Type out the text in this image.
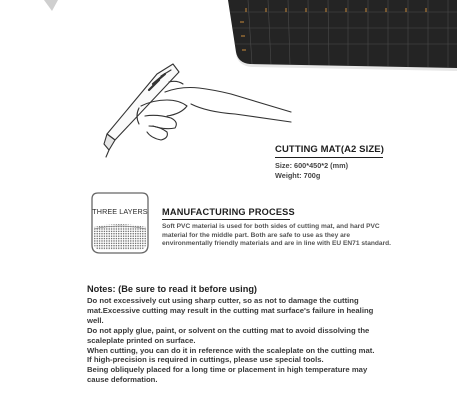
CUTTING MAT(A2 SIZE)
Size: 600*450*2 (mm)
Weight: 700g
THREE LAYERS	MANUFACTURING PROCESS
Soft PVC material is used for both sides of cutting mat, and hard PVC material for the middle part. Both are safe to use as they are environmentally friendly materials and are in line with EU EN71 standard.
Notes: (Be sure to read it before using)
Do not excessively cut using sharp cutter, so as not to damage the cutting mat.Excessive cutting may result in the cutting mat surface's failure in healing well.
Do not apply glue, paint, or solvent on the cutting mat to avoid dissolving the scaleplate printed on surface.
When cutting, you can do it in reference with the scaleplate on the cutting mat.
If high-precision is required in cuttings, please use special tools.
Being obliquely placed for a long time or placement in high temperature may cause deformation.
